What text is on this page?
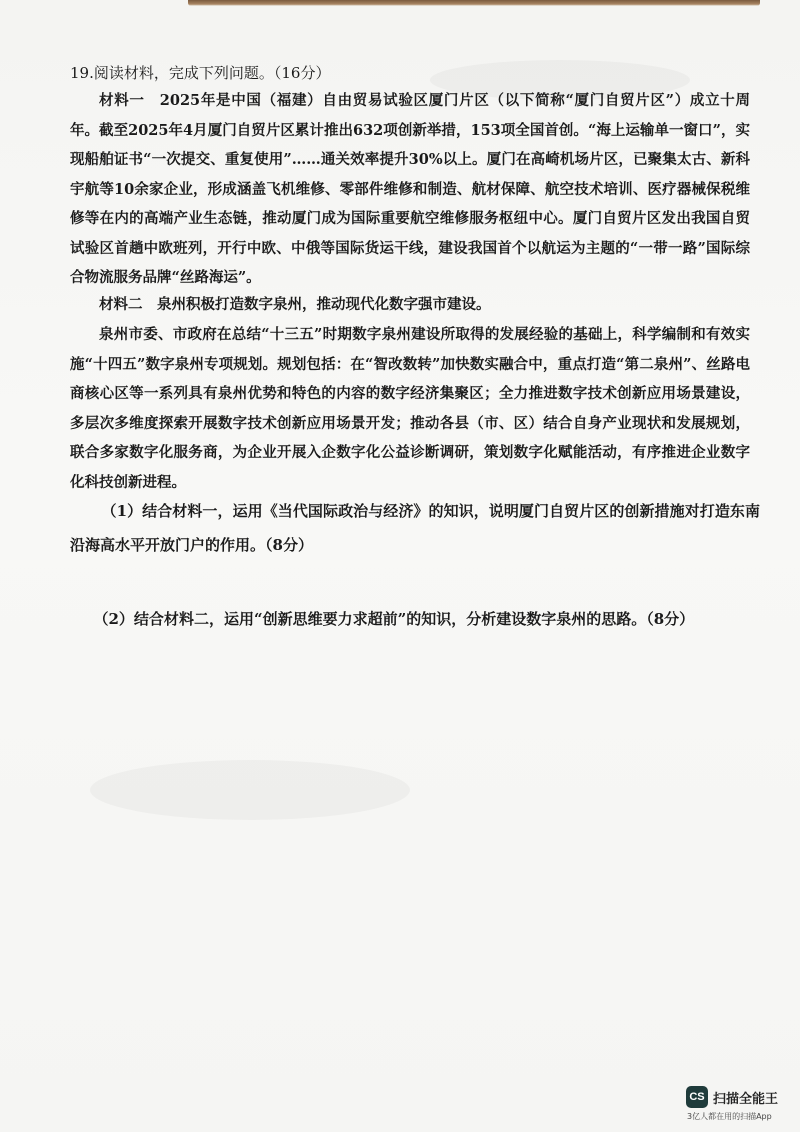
19.阅读材料，完成下列问题。（16分）

材料一　2025年是中国（福建）自由贸易试验区厦门片区（以下简称“厦门自贸片区”）成立十周年。截至2025年4月厦门自贸片区累计推出632项创新举措，153项全国首创。“海上运输单一窗口”，实现船舶证书“一次提交、重复使用”……通关效率提升30%以上。厦门在高崎机场片区，已聚集太古、新科宇航等10余家企业，形成涵盖飞机维修、零部件维修和制造、航材保障、航空技术培训、医疗器械保税维修等在内的高端产业生态链，推动厦门成为国际重要航空维修服务枢纽中心。厦门自贸片区发出我国自贸试验区首趟中欧班列，开行中欧、中俄等国际货运干线，建设我国首个以航运为主题的“一带一路”国际综合物流服务品牌“丝路海运”。

材料二　泉州积极打造数字泉州，推动现代化数字强市建设。

泉州市委、市政府在总结“十三五”时期数字泉州建设所取得的发展经验的基础上，科学编制和有效实施“十四五”数字泉州专项规划。规划包括：在“智改数转”加快数实融合中，重点打造“第二泉州”、丝路电商核心区等一系列具有泉州优势和特色的内容的数字经济集聚区；全力推进数字技术创新应用场景建设，多层次多维度探索开展数字技术创新应用场景开发；推动各县（市、区）结合自身产业现状和发展规划，联合多家数字化服务商，为企业开展入企数字化公益诊断调研，策划数字化赋能活动，有序推进企业数字化科技创新进程。

（1）结合材料一，运用《当代国际政治与经济》的知识，说明厦门自贸片区的创新措施对打造东南沿海高水平开放门户的作用。（8分）

（2）结合材料二，运用“创新思维要力求超前”的知识，分析建设数字泉州的思路。（8分）

CS 扫描全能王
3亿人都在用的扫描App
